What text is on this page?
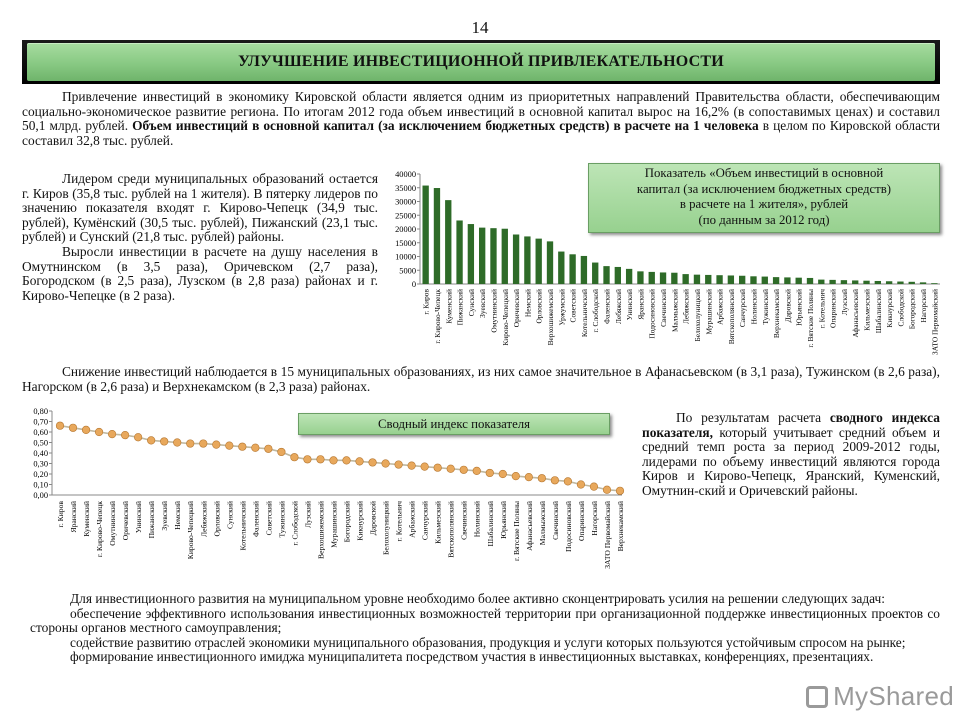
14
УЛУЧШЕНИЕ ИНВЕСТИЦИОННОЙ ПРИВЛЕКАТЕЛЬНОСТИ

Привлечение инвестиций в экономику Кировской области является одним из приоритетных направлений Правительства области, обеспечивающим социально-экономическое развитие региона. По итогам 2012 года объем инвестиций в основной капитал вырос на 16,2% (в сопоставимых ценах) и составил 50,1 млрд. рублей. Объем инвестиций в основной капитал (за исключением бюджетных средств) в расчете на 1 человека в целом по Кировской области составил 32,8 тыс. рублей.

Лидером среди муниципальных образований остается г. Киров (35,8 тыс. рублей на 1 жителя). В пятерку лидеров по значению показателя входят г. Кирово-Чепецк (34,9 тыс. рублей), Кумёнский (30,5 тыс. рублей), Пижанский (23,1 тыс. рублей) и Сунский (21,8 тыс. рублей) районы.

Выросли инвестиции в расчете на душу населения в Омутнинском (в 3,5 раза), Оричевском (2,7 раза), Богородском (в 2,5 раза), Лузском (в 2,8 раза) районах и г. Кирово-Чепецке (в 2 раза).

0
5000
10000
15000
20000
25000
30000
35000
40000
г. Киров г. Кирово-Чепецк Куменский Пижанский Сунский Зуевский Омутнинский Кирово-Чепецкий Оричевский Немский Орловский Верхошижемский Уржумский Советский Котельничский г. Слободской Фаленский Лебяжский Унинский Яранский Подосиновский Свечинский Малмыжский Лебяжский Белохолуницкий Мурашинский Арбажский Вятскополянский Санчурский Нолинский Тужинский Верхнекамский Даровской Юрьянский г. Вятские Поляны г. Котельнич Опаринский Лузский Афанасьевский Кильмезский Шабалинский Кикнурский Слободской Богородский Нагорский ЗАТО Первомайский
Показатель «Объем инвестиций в основной
капитал (за исключением бюджетных средств)
в расчете на 1 жителя», рублей
(по данным за 2012 год)

Снижение инвестиций наблюдается в 15 муниципальных образованиях, из них самое значительное в Афанасьевском (в 3,1 раза), Тужинском (в 2,6 раза), Нагорском (в 2,6 раза) и Верхнекамском (в 2,3 раза) районах.

0,00
0,10
0,20
0,30
0,40
0,50
0,60
0,70
0,80
г. Киров Яранский Куменский г. Кирово-Чепецк Омутнинский Оричевский Унинский Пижанский Зуевский Немский Кирово-Чепецкий Лебяжский Орловский Сунский Котельничский Фаленский Советский Тужинский г. Слободской Лузский Верхошижемский Мурашинский Богородский Кикнурский Даровской Белохолуницкий г. Котельнич Арбажский Санчурский Кильмезский Вятскополянский Свечинский Нолинский Шабалинский Юрьянский г. Вятские Поляны Афанасьевский Малмыжский Свечинский Подосиновский Опаринский Нагорский ЗАТО Первомайский Верхнекамский
Сводный индекс показателя	По результатам расчета сводного индекса показателя, который учитывает средний объем и средний темп роста за период 2009-2012 годы, лидерами по объему инвестиций являются города Киров и Кирово-Чепецк, Яранский, Куменский, Омутнин-ский и Оричевский районы.

Для инвестиционного развития на муниципальном уровне необходимо более активно сконцентрировать усилия на решении следующих задач:

обеспечение эффективного использования инвестиционных возможностей территории при организационной поддержке инвестиционных проектов со стороны органов местного самоуправления;

содействие развитию отраслей экономики муниципального образования, продукция и услуги которых пользуются устойчивым спросом на рынке;

формирование инвестиционного имиджа муниципалитета посредством участия в инвестиционных выставках, конференциях, презентациях.

MyShared
